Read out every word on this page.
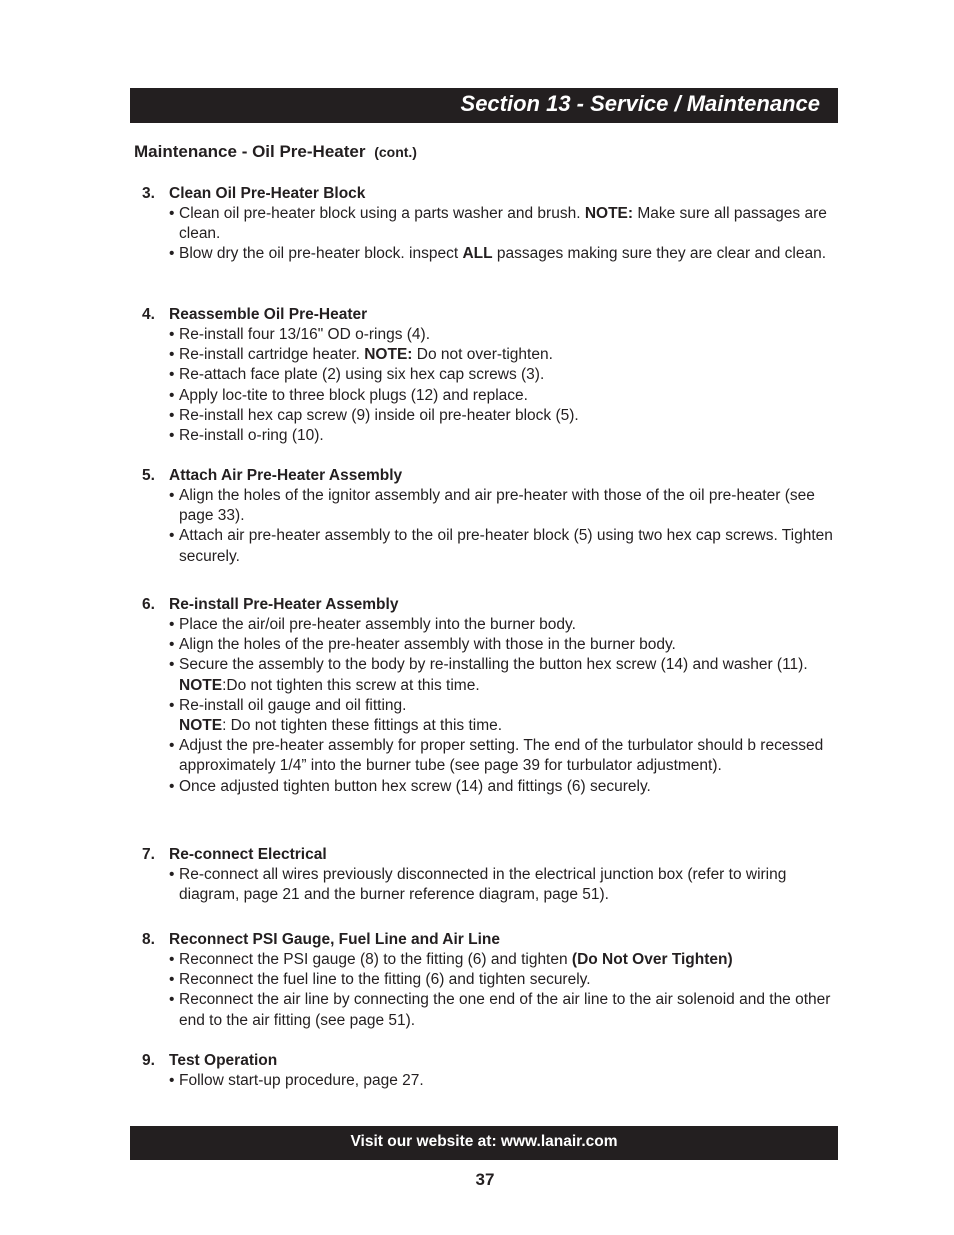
Section 13 - Service / Maintenance
Maintenance - Oil Pre-Heater (cont.)
3. Clean Oil Pre-Heater Block
• Clean oil pre-heater block using a parts washer and brush. NOTE: Make sure all passages are clean.
• Blow dry the oil pre-heater block. inspect ALL passages making sure they are clear and clean.
4. Reassemble Oil Pre-Heater
• Re-install four 13/16" OD o-rings (4).
• Re-install cartridge heater. NOTE: Do not over-tighten.
• Re-attach face plate (2) using six hex cap screws (3).
• Apply loc-tite to three block plugs (12) and replace.
• Re-install hex cap screw (9) inside oil pre-heater block (5).
• Re-install o-ring (10).
5. Attach Air Pre-Heater Assembly
• Align the holes of the ignitor assembly and air pre-heater with those of the oil pre-heater (see page 33).
• Attach air pre-heater assembly to the oil pre-heater block (5) using two hex cap screws. Tighten securely.
6. Re-install Pre-Heater Assembly
• Place the air/oil pre-heater assembly into the burner body.
• Align the holes of the pre-heater assembly with those in the burner body.
• Secure the assembly to the body by re-installing the button hex screw (14) and washer (11). NOTE:Do not tighten this screw at this time.
• Re-install oil gauge and oil fitting.
NOTE: Do not tighten these fittings at this time.
• Adjust the pre-heater assembly for proper setting. The end of the turbulator should b recessed approximately 1/4” into the burner tube (see page 39 for turbulator adjustment).
• Once adjusted tighten button hex screw (14) and fittings (6) securely.
7. Re-connect Electrical
• Re-connect all wires previously disconnected in the electrical junction box (refer to wiring diagram, page 21 and the burner reference diagram, page 51).
8. Reconnect PSI Gauge, Fuel Line and Air Line
• Reconnect the PSI gauge (8) to the fitting (6) and tighten (Do Not Over Tighten)
• Reconnect the fuel line to the fitting (6) and tighten securely.
• Reconnect the air line by connecting the one end of the air line to the air solenoid and the other end to the air fitting (see page 51).
9. Test Operation
• Follow start-up procedure, page 27.
Visit our website at: www.lanair.com
37
